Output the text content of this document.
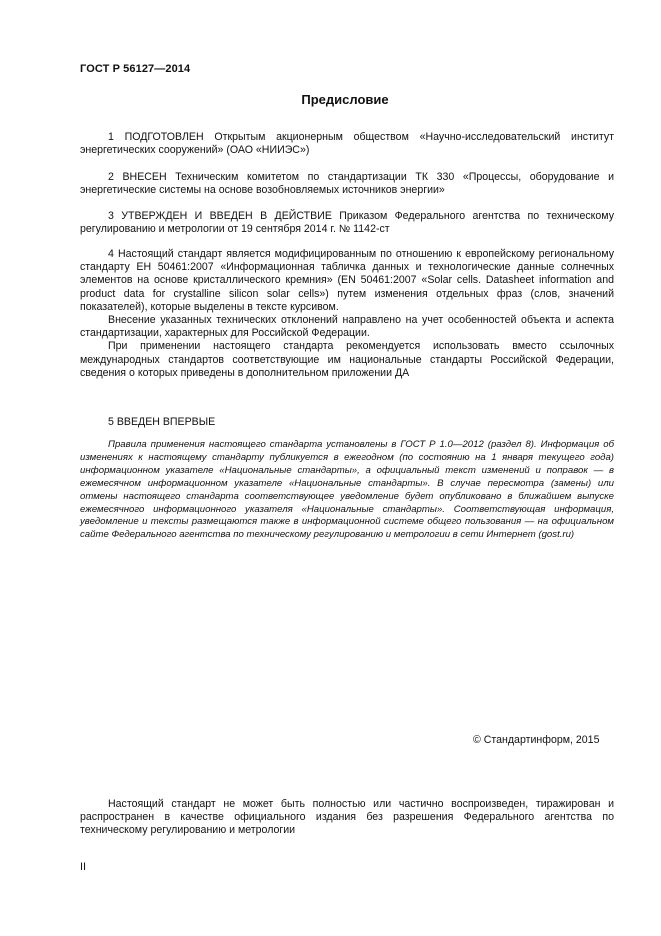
ГОСТ Р 56127—2014
Предисловие

1 ПОДГОТОВЛЕН Открытым акционерным обществом «Научно-исследовательский институт энергетических сооружений» (ОАО «НИИЭС»)

2 ВНЕСЕН Техническим комитетом по стандартизации ТК 330 «Процессы, оборудование и энергетические системы на основе возобновляемых источников энергии»

3 УТВЕРЖДЕН И ВВЕДЕН В ДЕЙСТВИЕ Приказом Федерального агентства по техническому регулированию и метрологии от 19 сентября 2014 г. № 1142-ст

4 Настоящий стандарт является модифицированным по отношению к европейскому региональному стандарту ЕН 50461:2007 «Информационная табличка данных и технологические данные солнечных элементов на основе кристаллического кремния» (EN 50461:2007 «Solar cells. Datasheet information and product data for crystalline silicon solar cells») путем изменения отдельных фраз (слов, значений показателей), которые выделены в тексте курсивом.

Внесение указанных технических отклонений направлено на учет особенностей объекта и аспекта стандартизации, характерных для Российской Федерации.

При применении настоящего стандарта рекомендуется использовать вместо ссылочных международных стандартов соответствующие им национальные стандарты Российской Федерации, сведения о которых приведены в дополнительном приложении ДА

5 ВВЕДЕН ВПЕРВЫЕ

Правила применения настоящего стандарта установлены в ГОСТ Р 1.0—2012 (раздел 8). Информация об изменениях к настоящему стандарту публикуется в ежегодном (по состоянию на 1 января текущего года) информационном указателе «Национальные стандарты», а официальный текст изменений и поправок — в ежемесячном информационном указателе «Национальные стандарты». В случае пересмотра (замены) или отмены настоящего стандарта соответствующее уведомление будет опубликовано в ближайшем выпуске ежемесячного информационного указателя «Национальные стандарты». Соответствующая информация, уведомление и тексты размещаются также в информационной системе общего пользования — на официальном сайте Федерального агентства по техническому регулированию и метрологии в сети Интернет (gost.ru)
© Стандартинформ, 2015
Настоящий стандарт не может быть полностью или частично воспроизведен, тиражирован и распространен в качестве официального издания без разрешения Федерального агентства по техническому регулированию и метрологии
II
